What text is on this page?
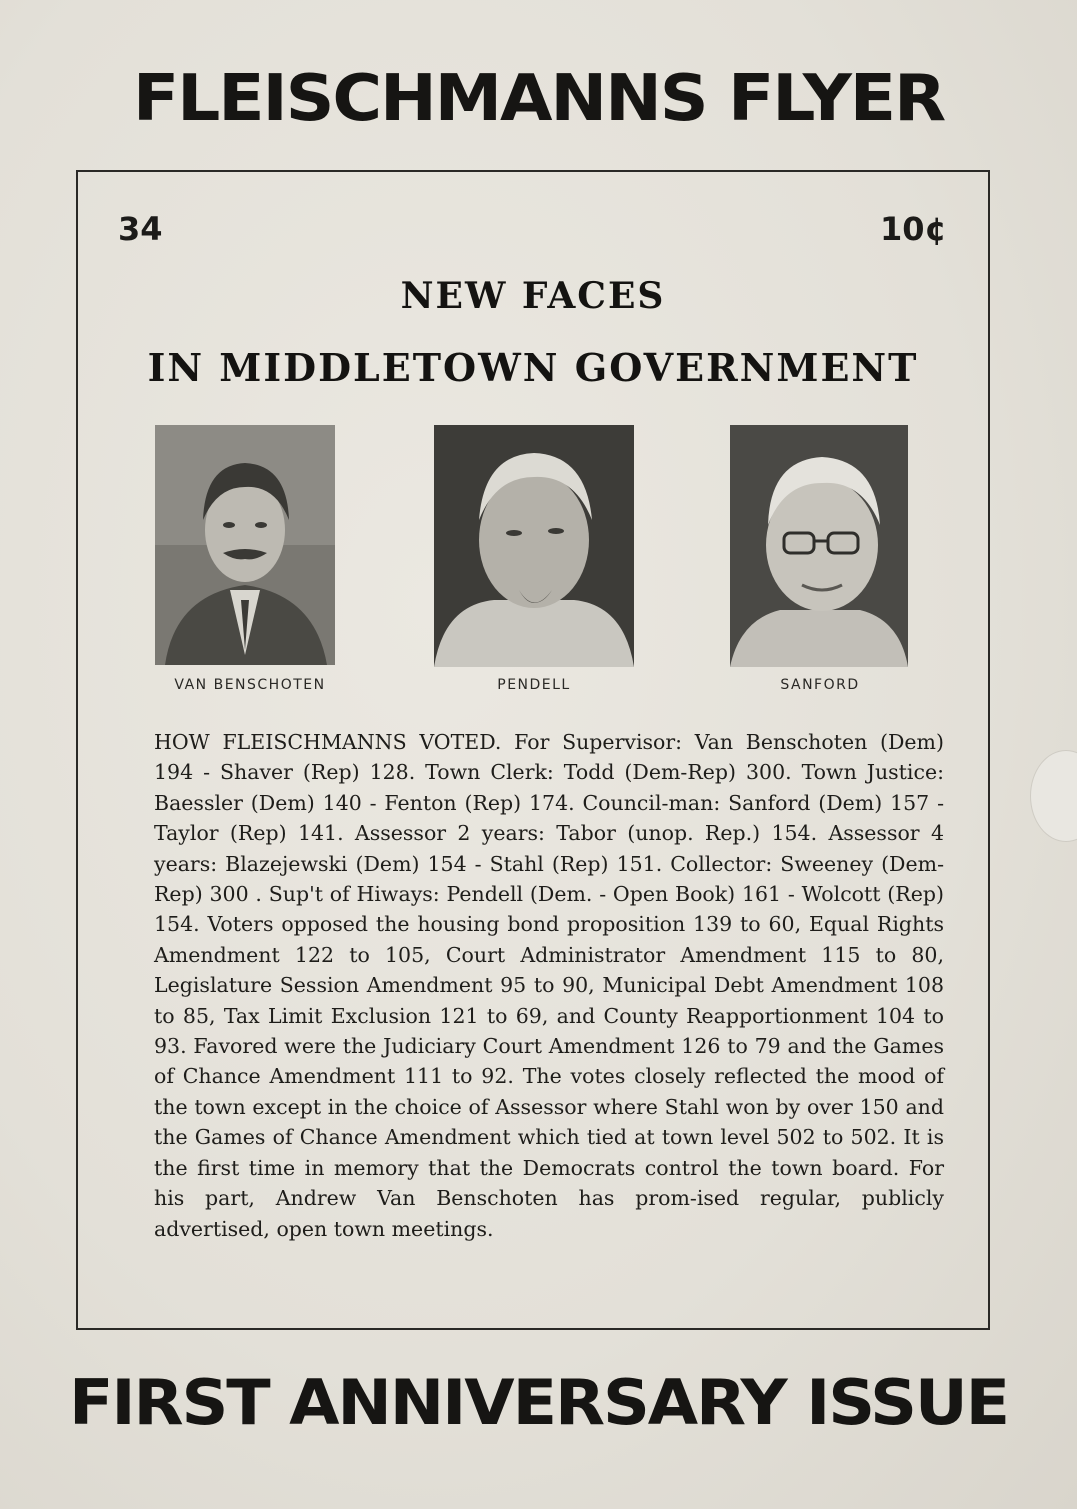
FLEISCHMANNS FLYER
34	10¢
NEW FACES
IN MIDDLETOWN GOVERNMENT
VAN BENSCHOTEN	PENDELL	SANFORD
HOW FLEISCHMANNS VOTED. For Supervisor: Van Benschoten (Dem) 194 - Shaver (Rep) 128. Town Clerk: Todd (Dem-Rep) 300. Town Justice: Baessler (Dem) 140 - Fenton (Rep) 174. Council-man: Sanford (Dem) 157 - Taylor (Rep) 141. Assessor 2 years: Tabor (unop. Rep.) 154. Assessor 4 years: Blazejewski (Dem) 154 - Stahl (Rep) 151. Collector: Sweeney (Dem-Rep) 300 . Sup't of Hiways: Pendell (Dem. - Open Book) 161 - Wolcott (Rep) 154. Voters opposed the housing bond proposition 139 to 60, Equal Rights Amendment 122 to 105, Court Administrator Amendment 115 to 80, Legislature Session Amendment 95 to 90, Municipal Debt Amendment 108 to 85, Tax Limit Exclusion 121 to 69, and County Reapportionment 104 to 93. Favored were the Judiciary Court Amendment 126 to 79 and the Games of Chance Amendment 111 to 92. The votes closely reflected the mood of the town except in the choice of Assessor where Stahl won by over 150 and the Games of Chance Amendment which tied at town level 502 to 502. It is the first time in memory that the Democrats control the town board. For his part, Andrew Van Benschoten has prom-ised regular, publicly advertised, open town meetings.
FIRST ANNIVERSARY ISSUE
